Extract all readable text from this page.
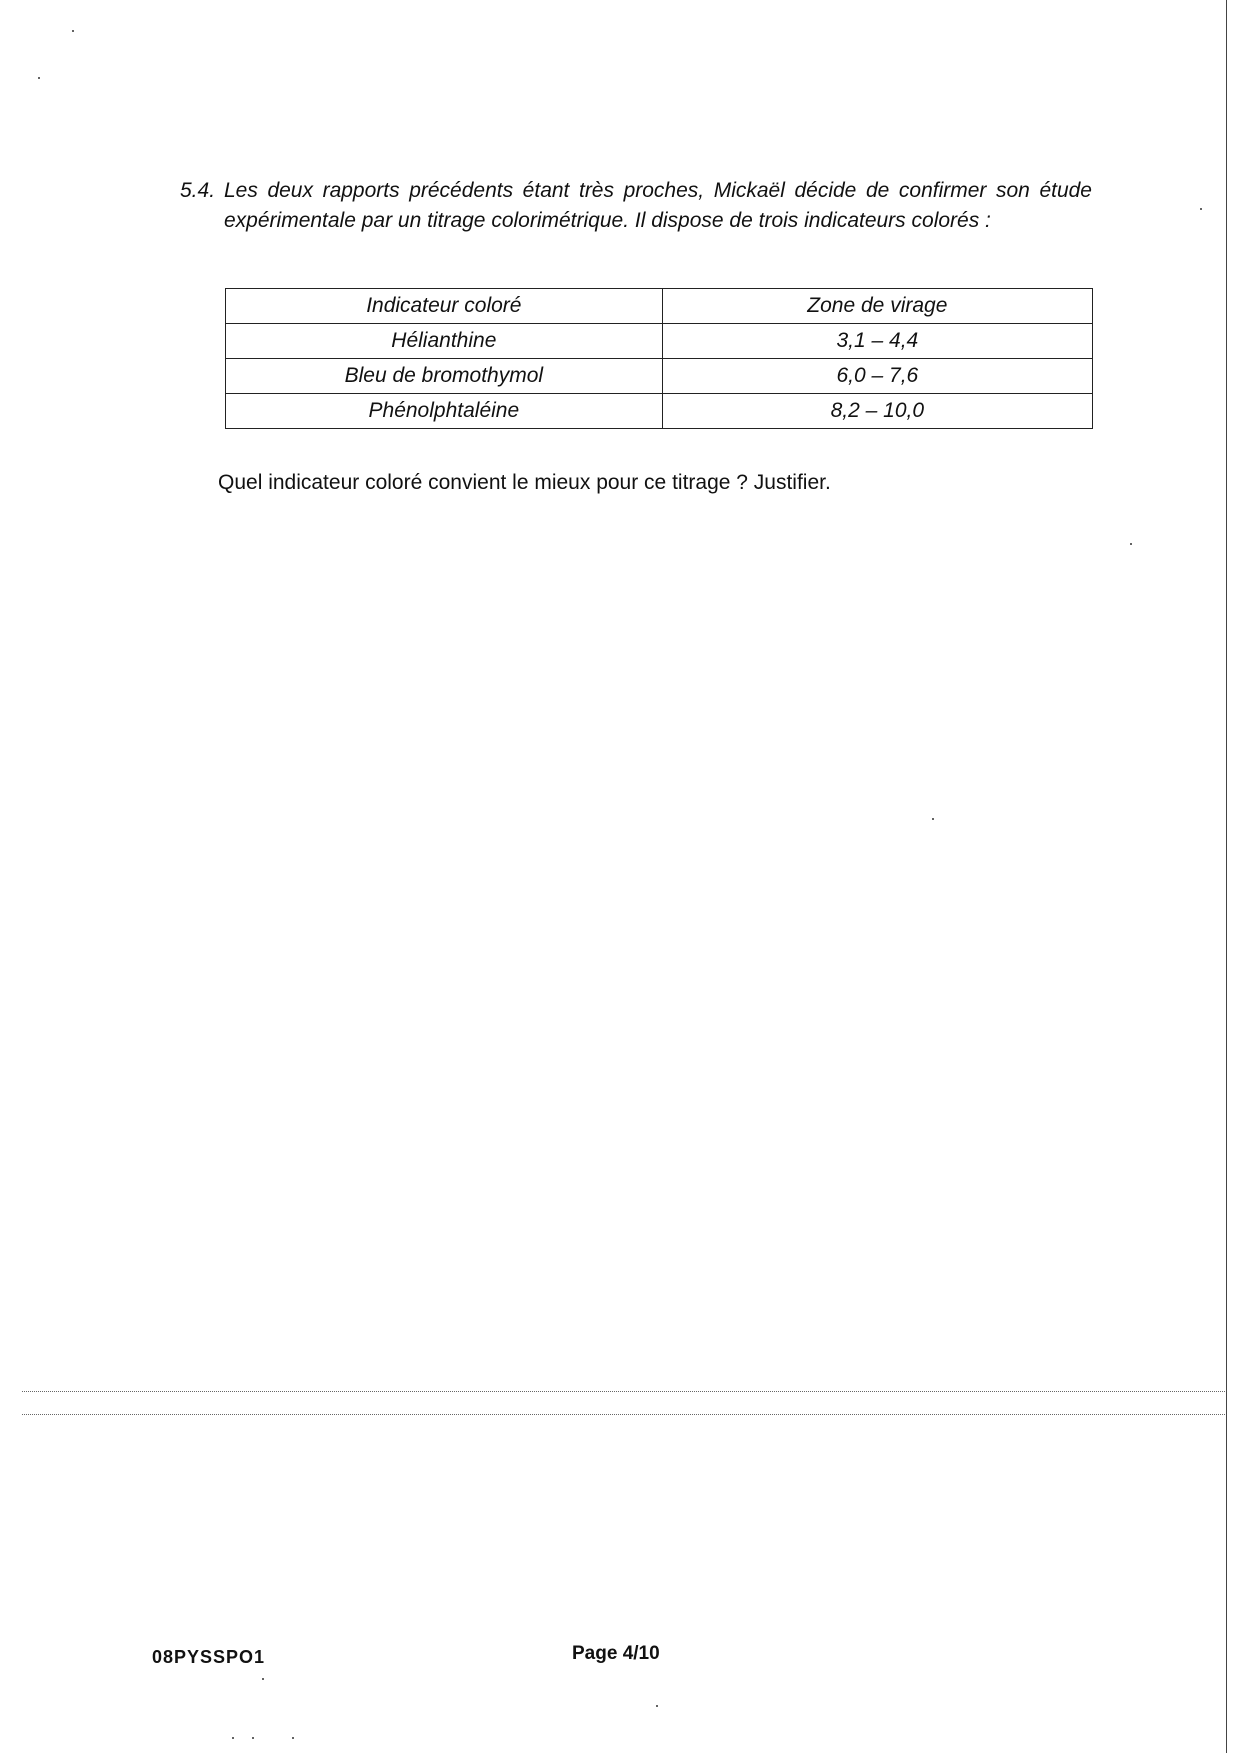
5.4. Les deux rapports précédents étant très proches, Mickaël décide de confirmer son étude expérimentale par un titrage colorimétrique. Il dispose de trois indicateurs colorés :
Indicateur coloré	Zone de virage
Hélianthine	3,1 – 4,4
Bleu de bromothymol	6,0 – 7,6
Phénolphtaléine	8,2 – 10,0
Quel indicateur coloré convient le mieux pour ce titrage ? Justifier.
08PYSSPO1	Page 4/10
